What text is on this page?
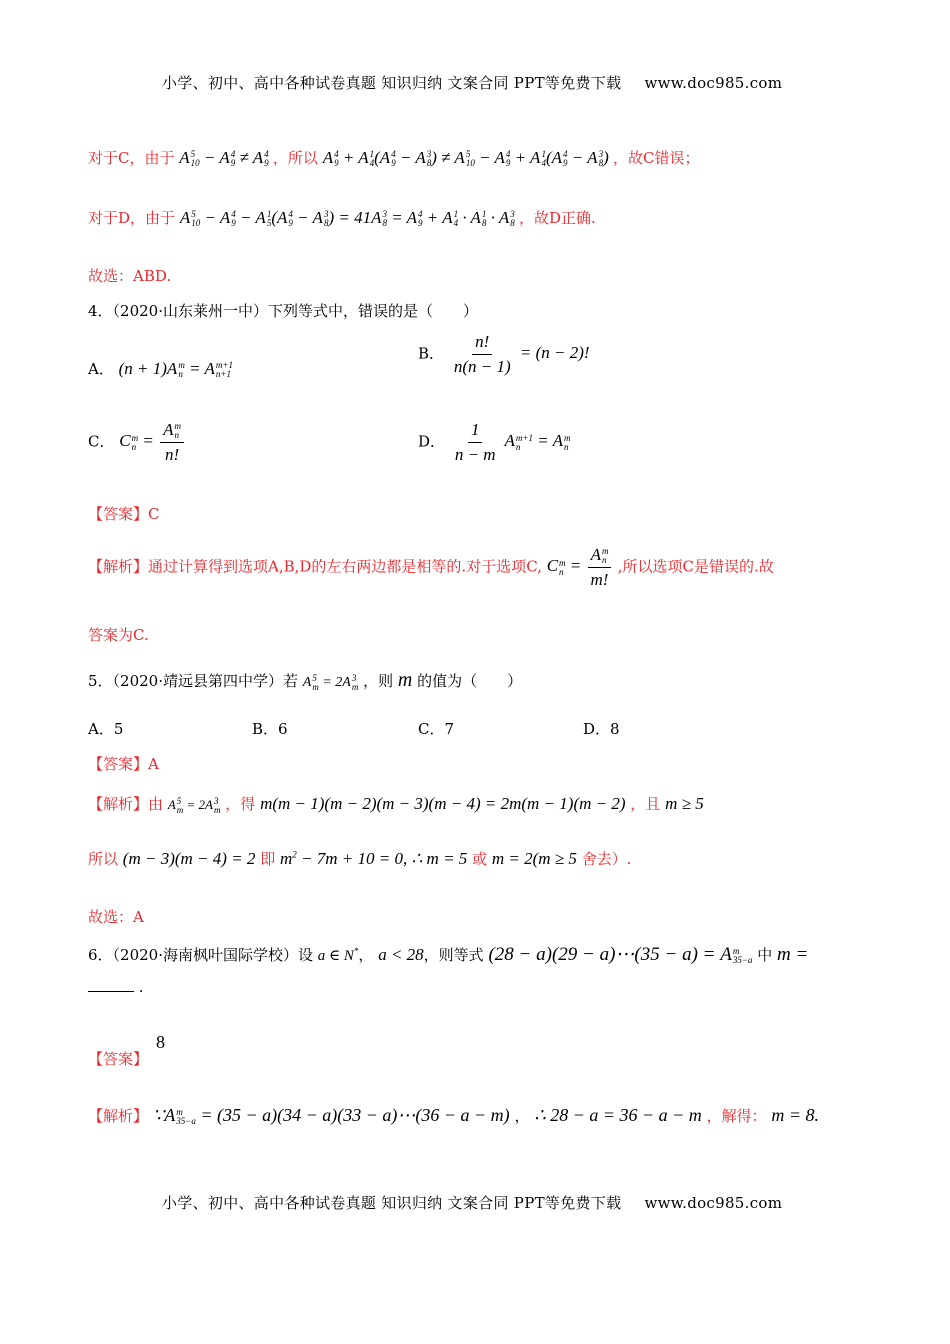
小学、初中、高中各种试卷真题 知识归纳 文案合同 PPT等免费下载 www.doc985.com
对于C，由于 A 5
10 − A 4
9 ≠ A 4
9 ，所以 A 4
9 + A 1
4 (A 4
9 − A 3
8 ) ≠ A 5
10 − A 4
9 + A 1
4 (A 4
9 − A 3
8 ) ，故C错误；
对于D，由于 A 5
10 − A 4
9 − A 1
5 (A 4
9 − A 3
8 ) = 41A 3
8 = A 4
9 + A 1
4 · A 1
8 · A 3
8 ，故D正确.
故选：ABD.
4．（2020·山东莱州一中）下列等式中，错误的是（　　）
A． (n + 1)A m
n = A m+1
n+1
B． $\frac{n!}{n(n - 1)} = (n - 2)$!
C． C m
n = A m
n
n!	D． $\frac{1}{n - m}$ A m+1
n = A m
n
【答案】C
【解析】通过计算得到选项A,B,D的左右两边都是相等的.对于选项C, C m
n = A m
n
m! ,所以选项C是错误的.故
答案为C.
5．（2020·靖远县第四中学）若 A 5
m = 2A 3
m ，则 m 的值为（　　）
A．5	B．6	C．7	D．8
【答案】A
【解析】由 A 5
m = 2A 3
m ，得 m(m − 1)(m − 2)(m − 3)(m − 4) = 2m(m − 1)(m − 2) ，且 m ≥ 5
所以 (m − 3)(m − 4) = 2 即 $m^2 - 7m + 10 = 0$, ∴ m = 5 或 m = 2(m ≥ 5 舍去）.
故选：A
6．（2020·海南枫叶国际学校）设 a ∈ N*， a < 28，则等式 (28 − a)(29 − a)⋯(35 − a) = A m
35−a 中 m =
.
【答案】
8
【解析】 ∵A m
35−a = (35 − a)(34 − a)(33 − a)⋯(36 − a − m) ， ∴ 28 − a = 36 − a − m ，解得： m = 8.
小学、初中、高中各种试卷真题 知识归纳 文案合同 PPT等免费下载 www.doc985.com
